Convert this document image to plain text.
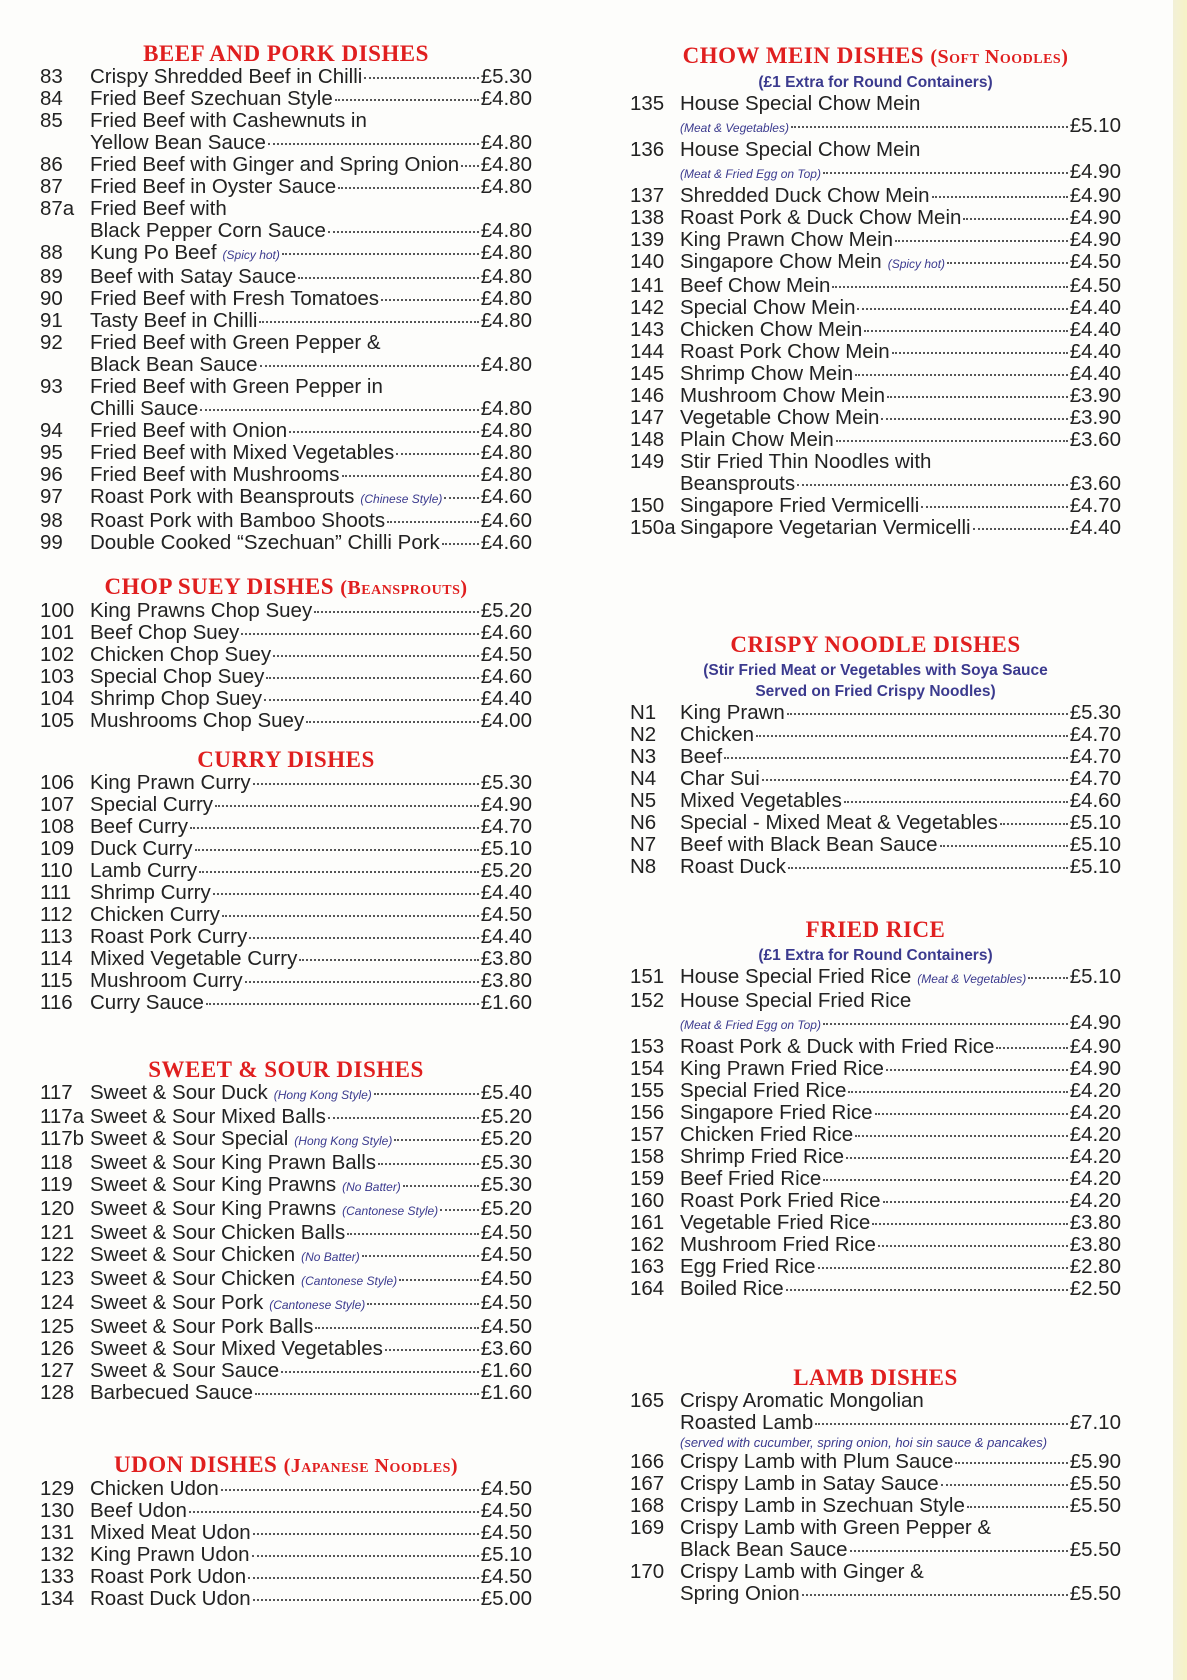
BEEF AND PORK DISHES
83	Crispy Shredded Beef in Chilli	£5.30
84	Fried Beef Szechuan Style	£4.80
85	Fried Beef with Cashewnuts in
Yellow Bean Sauce	£4.80
86	Fried Beef with Ginger and Spring Onion £4.80
87	Fried Beef in Oyster Sauce	£4.80
87a Fried Beef with
Black Pepper Corn Sauce	£4.80
88	Kung Po Beef (Spicy hot)	£4.80
89	Beef with Satay Sauce	£4.80
90	Fried Beef with Fresh Tomatoes	£4.80
91	Tasty Beef in Chilli	£4.80
92	Fried Beef with Green Pepper &
Black Bean Sauce	£4.80
93	Fried Beef with Green Pepper in
Chilli Sauce	£4.80
94	Fried Beef with Onion	£4.80
95	Fried Beef with Mixed Vegetables	£4.80
96	Fried Beef with Mushrooms	£4.80
97	Roast Pork with Beansprouts (Chinese Style) £4.60
98	Roast Pork with Bamboo Shoots	£4.60
99	Double Cooked “Szechuan” Chilli Pork £4.60
CHOP SUEY DISHES (Beansprouts)
100 King Prawns Chop Suey	£5.20
101 Beef Chop Suey	£4.60
102 Chicken Chop Suey	£4.50
103 Special Chop Suey	£4.60
104 Shrimp Chop Suey	£4.40
105 Mushrooms Chop Suey	£4.00
CURRY DISHES
106 King Prawn Curry	£5.30
107 Special Curry	£4.90
108 Beef Curry	£4.70
109 Duck Curry	£5.10
110 Lamb Curry	£5.20
111 Shrimp Curry	£4.40
112 Chicken Curry	£4.50
113 Roast Pork Curry	£4.40
114 Mixed Vegetable Curry	£3.80
115 Mushroom Curry	£3.80
116 Curry Sauce	£1.60
SWEET & SOUR DISHES
117 Sweet & Sour Duck (Hong Kong Style)	£5.40
117a Sweet & Sour Mixed Balls	£5.20
117b Sweet & Sour Special (Hong Kong Style)	£5.20
118 Sweet & Sour King Prawn Balls	£5.30
119 Sweet & Sour King Prawns (No Batter)	£5.30
120 Sweet & Sour King Prawns (Cantonese Style) £5.20
121 Sweet & Sour Chicken Balls	£4.50
122 Sweet & Sour Chicken (No Batter)	£4.50
123 Sweet & Sour Chicken (Cantonese Style)	£4.50
124 Sweet & Sour Pork (Cantonese Style)	£4.50
125 Sweet & Sour Pork Balls	£4.50
126 Sweet & Sour Mixed Vegetables	£3.60
127 Sweet & Sour Sauce	£1.60
128 Barbecued Sauce	£1.60
UDON DISHES (Japanese Noodles)
129 Chicken Udon	£4.50
130 Beef Udon	£4.50
131 Mixed Meat Udon	£4.50
132 King Prawn Udon	£5.10
133 Roast Pork Udon	£4.50
134 Roast Duck Udon	£5.00
CHOW MEIN DISHES (Soft Noodles)

(£1 Extra for Round Containers)

135 House Special Chow Mein
(Meat & Vegetables)	£5.10
136 House Special Chow Mein
(Meat & Fried Egg on Top)	£4.90
137 Shredded Duck Chow Mein	£4.90
138 Roast Pork & Duck Chow Mein	£4.90
139 King Prawn Chow Mein	£4.90
140 Singapore Chow Mein (Spicy hot)	£4.50
141 Beef Chow Mein	£4.50
142 Special Chow Mein	£4.40
143 Chicken Chow Mein	£4.40
144 Roast Pork Chow Mein	£4.40
145 Shrimp Chow Mein	£4.40
146 Mushroom Chow Mein	£3.90
147 Vegetable Chow Mein	£3.90
148 Plain Chow Mein	£3.60
149 Stir Fried Thin Noodles with
Beansprouts	£3.60
150 Singapore Fried Vermicelli	£4.70
150a Singapore Vegetarian Vermicelli	£4.40
CRISPY NOODLE DISHES

(Stir Fried Meat or Vegetables with Soya Sauce

Served on Fried Crispy Noodles)

N1	King Prawn	£5.30
N2	Chicken	£4.70
N3	Beef	£4.70
N4	Char Sui	£4.70
N5	Mixed Vegetables	£4.60
N6	Special - Mixed Meat & Vegetables	£5.10
N7	Beef with Black Bean Sauce	£5.10
N8	Roast Duck	£5.10
FRIED RICE

(£1 Extra for Round Containers)

151 House Special Fried Rice (Meat & Vegetables) £5.10
152 House Special Fried Rice
(Meat & Fried Egg on Top)	£4.90
153 Roast Pork & Duck with Fried Rice	£4.90
154 King Prawn Fried Rice	£4.90
155 Special Fried Rice	£4.20
156 Singapore Fried Rice	£4.20
157 Chicken Fried Rice	£4.20
158 Shrimp Fried Rice	£4.20
159 Beef Fried Rice	£4.20
160 Roast Pork Fried Rice	£4.20
161 Vegetable Fried Rice	£3.80
162 Mushroom Fried Rice	£3.80
163 Egg Fried Rice	£2.80
164 Boiled Rice	£2.50
LAMB DISHES
165 Crispy Aromatic Mongolian
Roasted Lamb	£7.10
(served with cucumber, spring onion, hoi sin sauce & pancakes)
166 Crispy Lamb with Plum Sauce	£5.90
167 Crispy Lamb in Satay Sauce	£5.50
168 Crispy Lamb in Szechuan Style	£5.50
169 Crispy Lamb with Green Pepper &
Black Bean Sauce	£5.50
170 Crispy Lamb with Ginger &
Spring Onion	£5.50
